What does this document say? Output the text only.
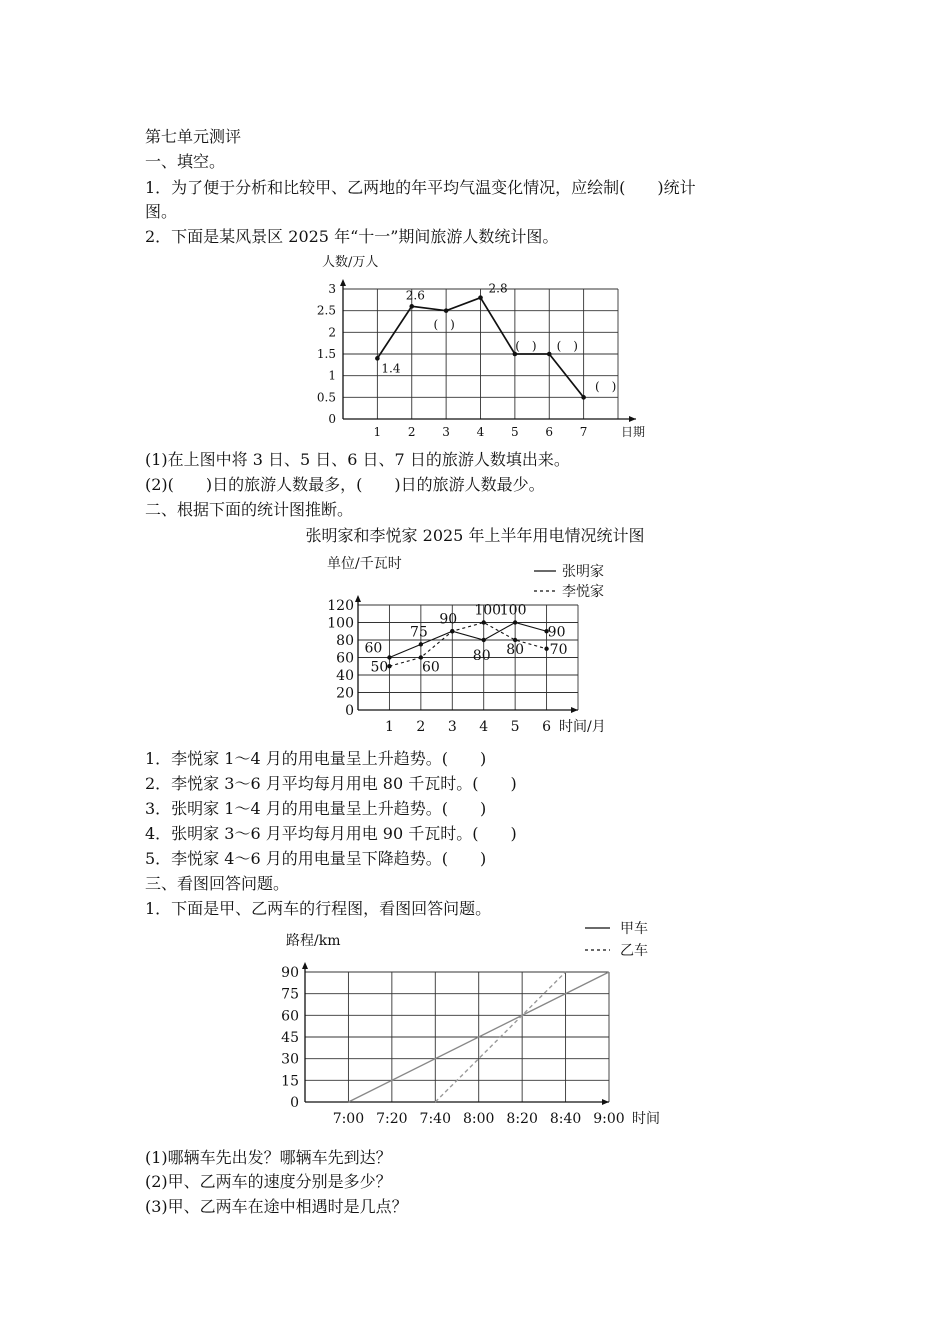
第七单元测评
一、填空。
1．为了便于分析和比较甲、乙两地的年平均气温变化情况，应绘制(　　)统计
图。
2．下面是某风景区 2025 年“十一”期间旅游人数统计图。
人数/万人
0
0.5
1
1.5
2
2.5
3
1 2 3 4 5 6 7	日期
1.4
2.6
(　)
2.8
(　) (　)
(　)
(1)在上图中将 3 日、5 日、6 日、7 日的旅游人数填出来。
(2)(　　)日的旅游人数最多，(　　)日的旅游人数最少。
二、根据下面的统计图推断。
张明家和李悦家 2025 年上半年用电情况统计图
单位/千瓦时
0
20
40
60
80
100
120
1 2 3 4 5 6 时间/月
张明家
李悦家
60
75
90
80
100
90
50 60
100
80 70
1．李悦家 1～4 月的用电量呈上升趋势。(　　)
2．李悦家 3～6 月平均每月用电 80 千瓦时。(　　)
3．张明家 1～4 月的用电量呈上升趋势。(　　)
4．张明家 3～6 月平均每月用电 90 千瓦时。(　　)
5．李悦家 4～6 月的用电量呈下降趋势。(　　)
三、看图回答问题。
1．下面是甲、乙两车的行程图，看图回答问题。
路程/km
0
15
30
45
60
75
90
7:00 7:20 7:40 8:00 8:20 8:40 9:00 时间
甲车
乙车
(1)哪辆车先出发？哪辆车先到达？
(2)甲、乙两车的速度分别是多少？
(3)甲、乙两车在途中相遇时是几点？
